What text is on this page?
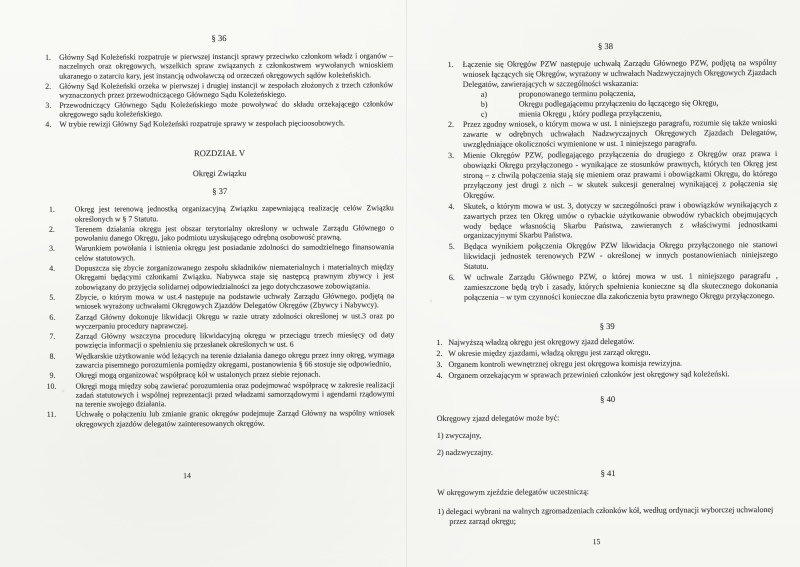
§ 36
1.	Główny Sąd Koleżeński rozpatruje w pierwszej instancji sprawy przeciwko członkom władz i organów – naczelnych oraz okręgowych, wszelkich spraw związanych z członkostwem wywołanych wnioskiem ukaranego o zatarciu kary, jest instancją odwoławczą od orzeczeń okręgowych sądów koleżeńskich.
2.	Główny Sąd Koleżeński orzeka w pierwszej i drugiej instancji w zespołach złożonych z trzech członków wyznaczonych przez przewodniczącego Głównego Sądu Koleżeńskiego.
3.	Przewodniczący Głównego Sądu Koleżeńskiego może powoływać do składu orzekającego członków okręgowego sądu koleżeńskiego.
4.	W trybie rewizji Główny Sąd Koleżeński rozpatruje sprawy w zespołach pięcioosobowych.
ROZDZIAŁ V
Okręgi Związku
§ 37
1.	Okręg jest terenową jednostką organizacyjną Związku zapewniającą realizację celów Związku określonych w § 7 Statutu.
2.	Terenem działania okręgu jest obszar terytorialny określony w uchwale Zarządu Głównego o powołaniu danego Okręgu, jako podmiotu uzyskującego odrębną osobowość prawną.
3.	Warunkiem powołania i istnienia okręgu jest posiadanie zdolności do samodzielnego finansowania celów statutowych.
4.	Dopuszcza się zbycie zorganizowanego zespołu składników niematerialnych i materialnych między Okręgami będącymi członkami Związku. Nabywca staje się następcą prawnym zbywcy i jest zobowiązany do przyjęcia solidarnej odpowiedzialności za jego dotychczasowe zobowiązania.
5.	Zbycie, o którym mowa w ust.4 następuje na podstawie uchwały Zarządu Głównego, podjętą na wniosek wyrażony uchwałami Okręgowych Zjazdów Delegatów Okręgów (Zbywcy i Nabywcy).
6.	Zarząd Główny dokonuje likwidacji Okręgu w razie utraty zdolności określonej w ust.3 oraz po wyczerpaniu procedury naprawczej.
7.	Zarząd Główny wszczyna procedurę likwidacyjną okręgu w przeciągu trzech miesięcy od daty powzięcia informacji o spełnieniu się przesłanek określonych w ust. 6
8.	Wędkarskie użytkowanie wód leżących na terenie działania danego okręgu przez inny okręg, wymaga zawarcia pisemnego porozumienia pomiędzy okręgami, postanowienia § 66 stosuje się odpowiednio,
9.	Okręgi mogą organizować współpracę kół w ustalonych przez siebie rejonach.
10.	Okręgi mogą między sobą zawierać porozumienia oraz podejmować współpracę w zakresie realizacji zadań statutowych i wspólnej reprezentacji przed władzami samorządowymi i agendami rządowymi na terenie swojego działania.
11.	Uchwałę o połączeniu lub zmianie granic okręgów podejmuje Zarząd Główny na wspólny wniosek okręgowych zjazdów delegatów zainteresowanych okręgów.
14
§ 38
1.	Łączenie się Okręgów PZW następuje uchwałą Zarządu Głównego PZW, podjętą na wspólny wniosek łączących się Okręgów, wyrażony w uchwałach Nadzwyczajnych Okręgowych Zjazdach Delegatów, zawierających w szczególności wskazania:
a)	proponowanego terminu połączenia,
b)	Okręgu podlegającemu przyłączeniu do łączącego się Okręgu,
c)	mienia Okręgu , który podlega przyłączeniu,
2.	Przez zgodny wniosek, o którym mowa w ust. 1 niniejszego paragrafu, rozumie się także wnioski zawarte w odrębnych uchwałach Nadzwyczajnych Okręgowych Zjazdach Delegatów, uwzględniające okoliczności wymienione w ust. 1 niniejszego paragrafu.
3.	Mienie Okręgów PZW, podlegającego przyłączenia do drugiego z Okręgów oraz prawa i obowiązki Okręgu przyłączonego - wynikające ze stosunków prawnych, których ten Okręg jest stroną – z chwilą połączenia stają się mieniem oraz prawami i obowiązkami Okręgu, do którego przyłączony jest drugi z nich – w skutek sukcesji generalnej wynikającej z połączenia się Okręgów.
4.	Skutek, o którym mowa w ust. 3, dotyczy w szczególności praw i obowiązków wynikających z zawartych przez ten Okręg umów o rybackie użytkowanie obwodów rybackich obejmujących wody będące własnością Skarbu Państwa, zawieranych z właściwymi jednostkami organizacyjnymi Skarbu Państwa.
5.	Będąca wynikiem połączenia Okręgów PZW likwidacja Okręgu przyłączonego nie stanowi likwidacji jednostek terenowych PZW - określonej w innych postanowieniach niniejszego Statutu.
6.	W uchwale Zarządu Głównego PZW, o której mowa w ust. 1 niniejszego paragrafu , zamieszczone będą tryb i zasady, których spełnienia konieczne są dla skutecznego dokonania połączenia – w tym czynności konieczne dla zakończenia bytu prawnego Okręgu przyłączonego.
§ 39
1. Najwyższą władzą okręgu jest okręgowy zjazd delegatów.
2. W okresie między zjazdami, władzą okręgu jest zarząd okręgu.
3. Organem kontroli wewnętrznej okręgu jest okręgowa komisja rewizyjna.
4. Organem orzekającym w sprawach przewinień członków jest okręgowy sąd koleżeński.
§ 40
Okręgowy zjazd delegatów może być:
1) zwyczajny,
2) nadzwyczajny.
§ 41
W okręgowym zjeździe delegatów uczestniczą:
1) delegaci wybrani na walnych zgromadzeniach członków kół, według ordynacji wyborczej uchwalonej przez zarząd okręgu;
15
